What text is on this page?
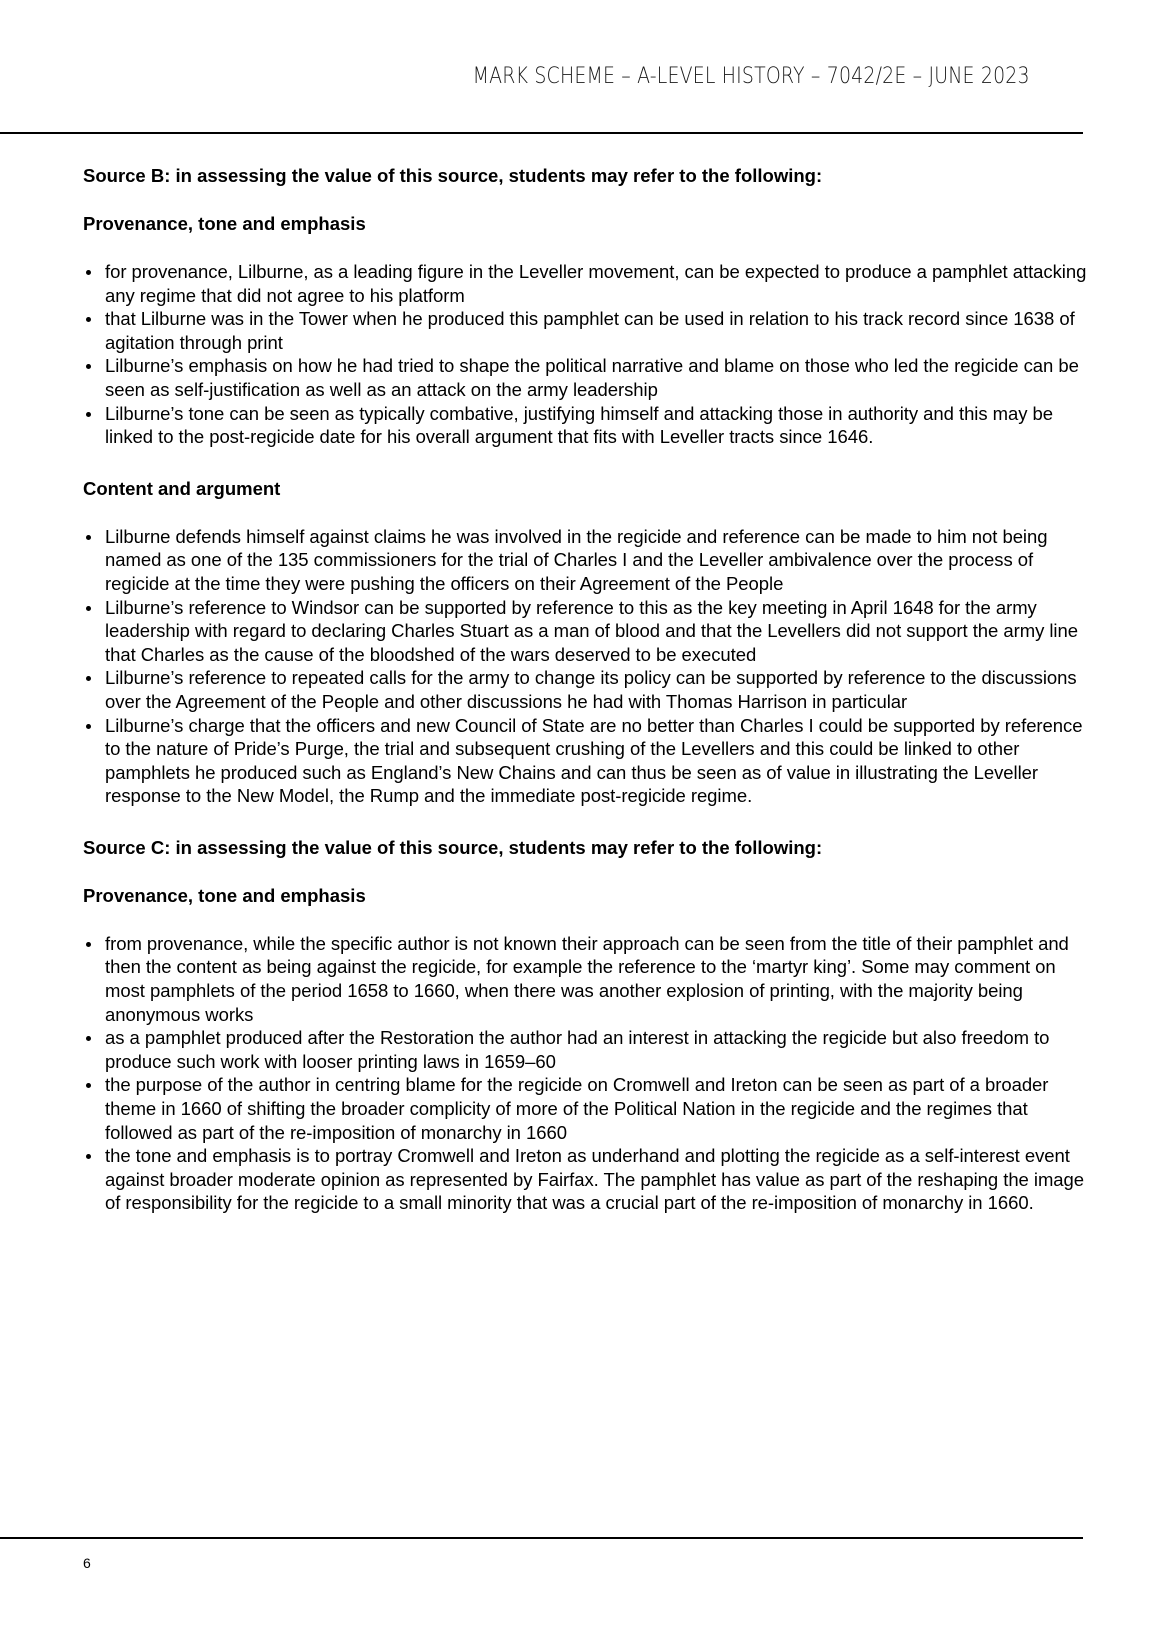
MARK SCHEME – A-LEVEL HISTORY – 7042/2E – JUNE 2023

Source B: in assessing the value of this source, students may refer to the following:

Provenance, tone and emphasis

for provenance, Lilburne, as a leading figure in the Leveller movement, can be expected to produce a pamphlet attacking any regime that did not agree to his platform
that Lilburne was in the Tower when he produced this pamphlet can be used in relation to his track record since 1638 of agitation through print
Lilburne’s emphasis on how he had tried to shape the political narrative and blame on those who led the regicide can be seen as self-justification as well as an attack on the army leadership
Lilburne’s tone can be seen as typically combative, justifying himself and attacking those in authority and this may be linked to the post-regicide date for his overall argument that fits with Leveller tracts since 1646.

Content and argument

Lilburne defends himself against claims he was involved in the regicide and reference can be made to him not being named as one of the 135 commissioners for the trial of Charles I and the Leveller ambivalence over the process of regicide at the time they were pushing the officers on their Agreement of the People
Lilburne’s reference to Windsor can be supported by reference to this as the key meeting in April 1648 for the army leadership with regard to declaring Charles Stuart as a man of blood and that the Levellers did not support the army line that Charles as the cause of the bloodshed of the wars deserved to be executed
Lilburne’s reference to repeated calls for the army to change its policy can be supported by reference to the discussions over the Agreement of the People and other discussions he had with Thomas Harrison in particular
Lilburne’s charge that the officers and new Council of State are no better than Charles I could be supported by reference to the nature of Pride’s Purge, the trial and subsequent crushing of the Levellers and this could be linked to other pamphlets he produced such as England’s New Chains and can thus be seen as of value in illustrating the Leveller response to the New Model, the Rump and the immediate post-regicide regime.

Source C: in assessing the value of this source, students may refer to the following:

Provenance, tone and emphasis

from provenance, while the specific author is not known their approach can be seen from the title of their pamphlet and then the content as being against the regicide, for example the reference to the ‘martyr king’. Some may comment on most pamphlets of the period 1658 to 1660, when there was another explosion of printing, with the majority being anonymous works
as a pamphlet produced after the Restoration the author had an interest in attacking the regicide but also freedom to produce such work with looser printing laws in 1659–60
the purpose of the author in centring blame for the regicide on Cromwell and Ireton can be seen as part of a broader theme in 1660 of shifting the broader complicity of more of the Political Nation in the regicide and the regimes that followed as part of the re-imposition of monarchy in 1660
the tone and emphasis is to portray Cromwell and Ireton as underhand and plotting the regicide as a self-interest event against broader moderate opinion as represented by Fairfax. The pamphlet has value as part of the reshaping the image of responsibility for the regicide to a small minority that was a crucial part of the re-imposition of monarchy in 1660.
6
